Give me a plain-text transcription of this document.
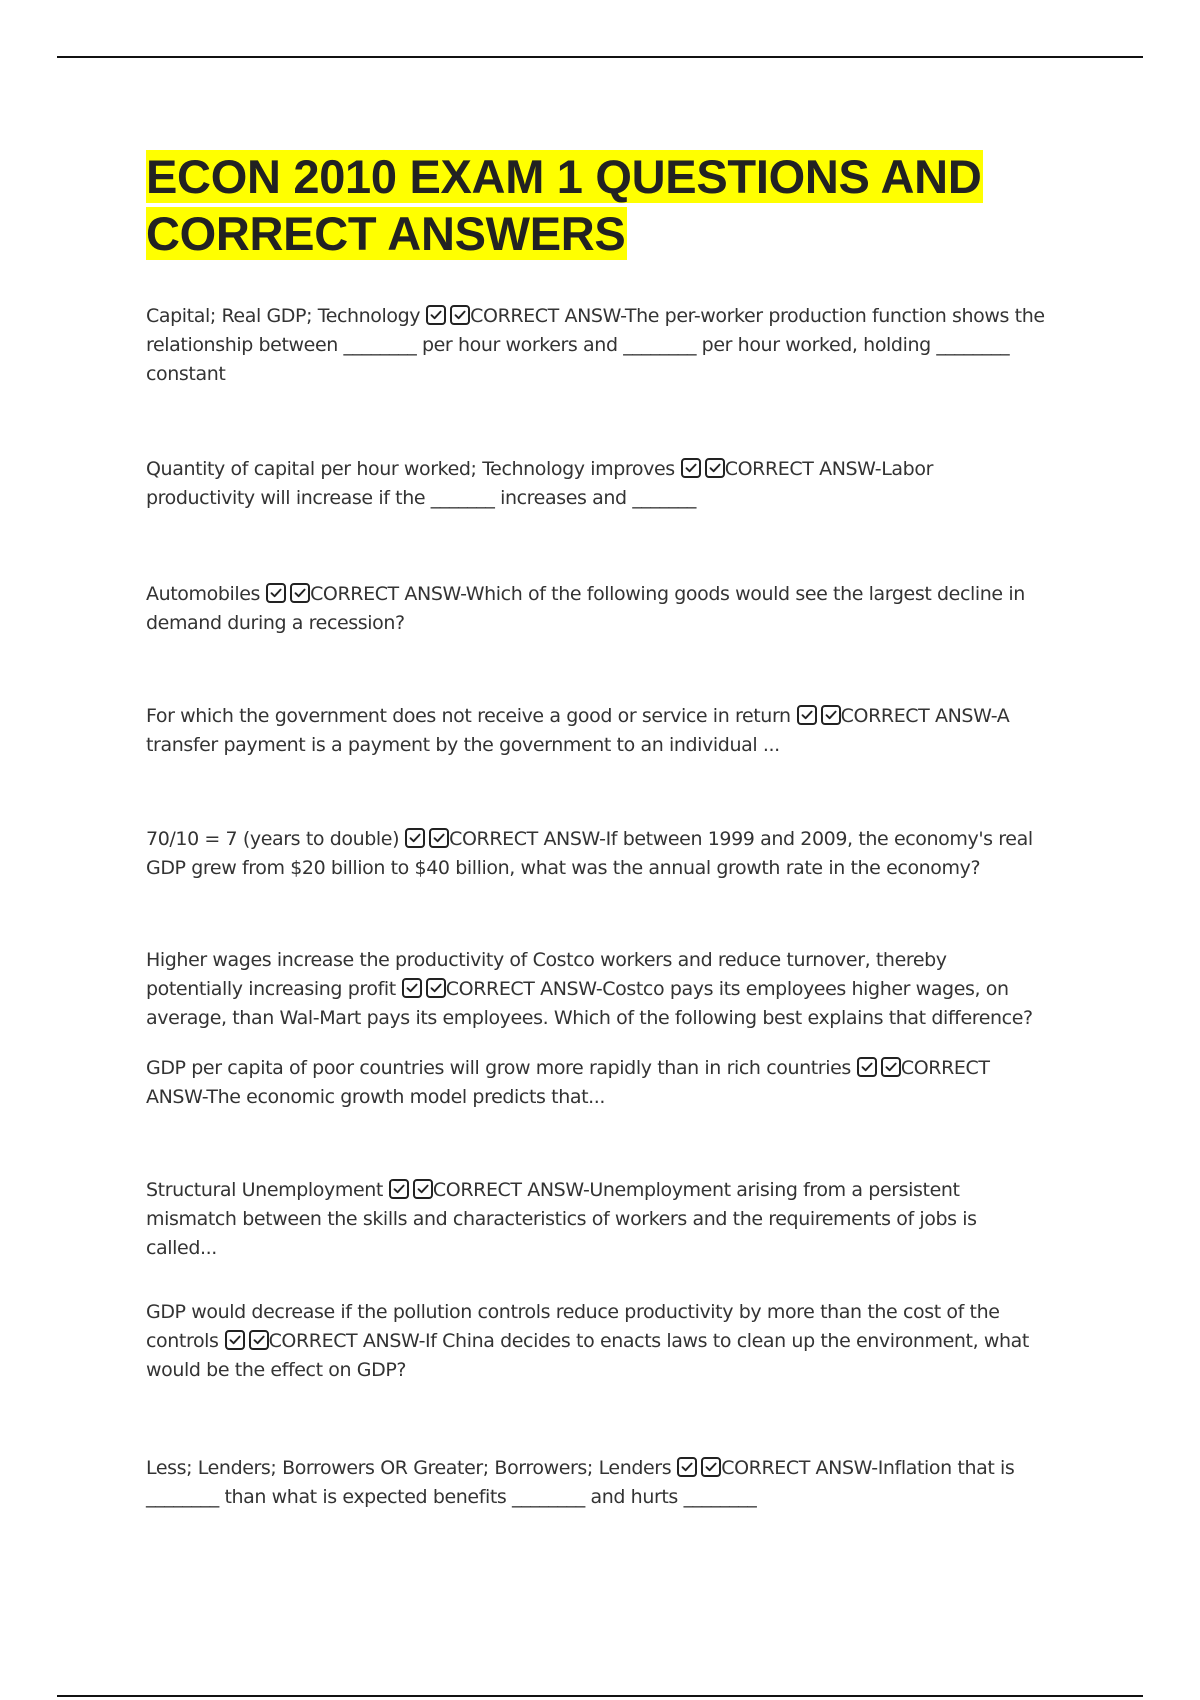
ECON 2010 EXAM 1 QUESTIONS AND
CORRECT ANSWERS

Capital; Real GDP; Technology	CORRECT ANSW-The per-worker production function shows the relationship between ________ per hour workers and ________ per hour worked, holding ________ constant

Quantity of capital per hour worked; Technology improves	CORRECT ANSW-Labor productivity will increase if the _______ increases and _______

Automobiles	CORRECT ANSW-Which of the following goods would see the largest decline in demand during a recession?

For which the government does not receive a good or service in return	CORRECT ANSW-A transfer payment is a payment by the government to an individual ...

70/10 = 7 (years to double)	CORRECT ANSW-If between 1999 and 2009, the economy's real GDP grew from $20 billion to $40 billion, what was the annual growth rate in the economy?

Higher wages increase the productivity of Costco workers and reduce turnover, thereby potentially increasing profit	CORRECT ANSW-Costco pays its employees higher wages, on average, than Wal-Mart pays its employees. Which of the following best explains that difference?

GDP per capita of poor countries will grow more rapidly than in rich countries	CORRECT ANSW-The economic growth model predicts that...

Structural Unemployment	CORRECT ANSW-Unemployment arising from a persistent mismatch between the skills and characteristics of workers and the requirements of jobs is called...

GDP would decrease if the pollution controls reduce productivity by more than the cost of the controls	CORRECT ANSW-If China decides to enacts laws to clean up the environment, what would be the effect on GDP?

Less; Lenders; Borrowers OR Greater; Borrowers; Lenders	CORRECT ANSW-Inflation that is ________ than what is expected benefits ________ and hurts ________
